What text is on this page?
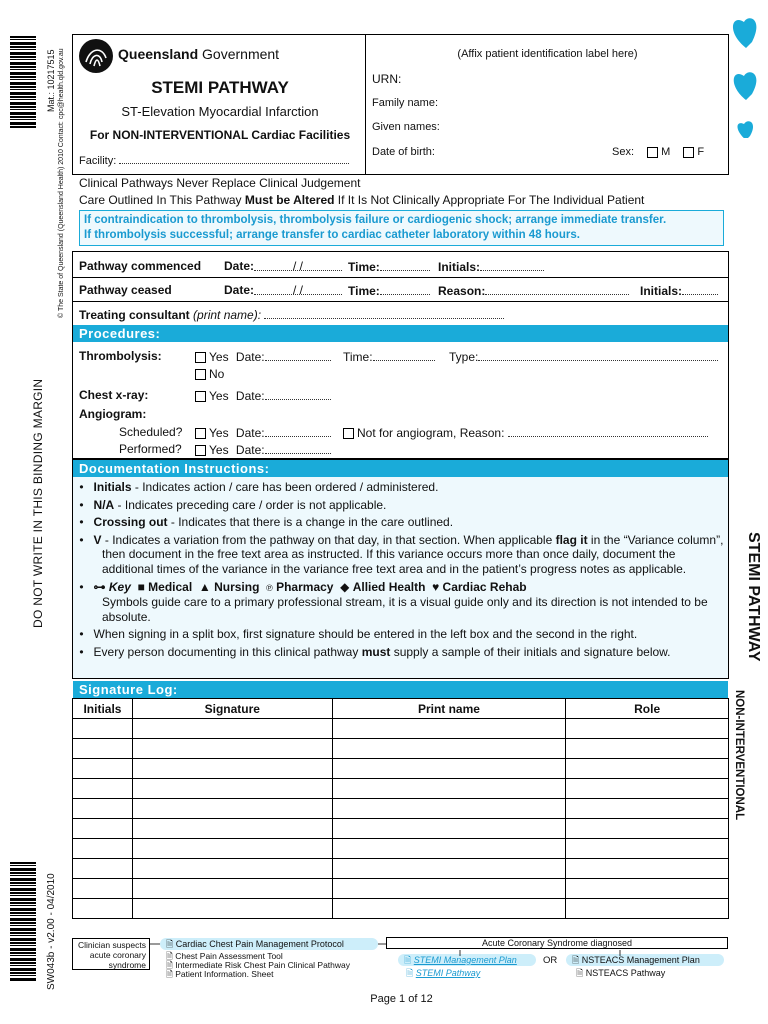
Mat.: 10217515 © The State of Queensland (Queensland Health) 2010 Contact: cpc@health.qld.gov.au
DO NOT WRITE IN THIS BINDING MARGIN
SW043b - v2.00 - 04/2010
Queensland Government
STEMI PATHWAY
ST-Elevation Myocardial Infarction
For NON-INTERVENTIONAL Cardiac Facilities
Facility:
(Affix patient identification label here)
URN:
Family name:
Given names:
Date of birth:	Sex: M F
Clinical Pathways Never Replace Clinical Judgement
Care Outlined In This Pathway Must be Altered If It Is Not Clinically Appropriate For The Individual Patient
If contraindication to thrombolysis, thrombolysis failure or cardiogenic shock; arrange immediate transfer.
If thrombolysis successful; arrange transfer to cardiac catheter laboratory within 48 hours.
Pathway commenced Date:	/ /	Time:	Initials:
Pathway ceased	Date:	/ /	Time:	Reason:	Initials:
Treating consultant (print name):
Procedures:
Thrombolysis:	Yes Date:	Time:	Type:
No
Chest x-ray:	Yes Date:
Angiogram:
Scheduled?	Yes Date:	Not for angiogram, Reason:
Performed?	Yes Date:
Documentation Instructions:
•   Initials - Indicates action / care has been ordered / administered.
•   N/A - Indicates preceding care / order is not applicable.
•   Crossing out - Indicates that there is a change in the care outlined.
•   V - Indicates a variation from the pathway on that day, in that section. When applicable flag it in the “Variance column”, then document in the free text area as instructed. If this variance occurs more than once daily, document the additional times of the variance in the variance free text area and in the patient’s progress notes as applicable.
•   ⊶ Key ■ Medical ▲ Nursing ℗ Pharmacy ◆ Allied Health ♥ Cardiac Rehab
Symbols guide care to a primary professional stream, it is a visual guide only and its direction is not intended to be absolute.
•   When signing in a split box, first signature should be entered in the left box and the second in the right.
•   Every person documenting in this clinical pathway must supply a sample of their initials and signature below.
Signature Log:
Initials	Signature	Print name	Role

Clinician suspects acute coronary syndrome
🗎 Cardiac Chest Pain Management Protocol
🗎 Chest Pain Assessment Tool
🗎 Intermediate Risk Chest Pain Clinical Pathway
🗎 Patient Information. Sheet
Acute Coronary Syndrome diagnosed
🗎 STEMI Management Plan
🗎 STEMI Pathway
OR	🗎 NSTEACS Management Plan
🗎 NSTEACS Pathway
STEMI PATHWAY
NON-INTERVENTIONAL
Page 1 of 12
